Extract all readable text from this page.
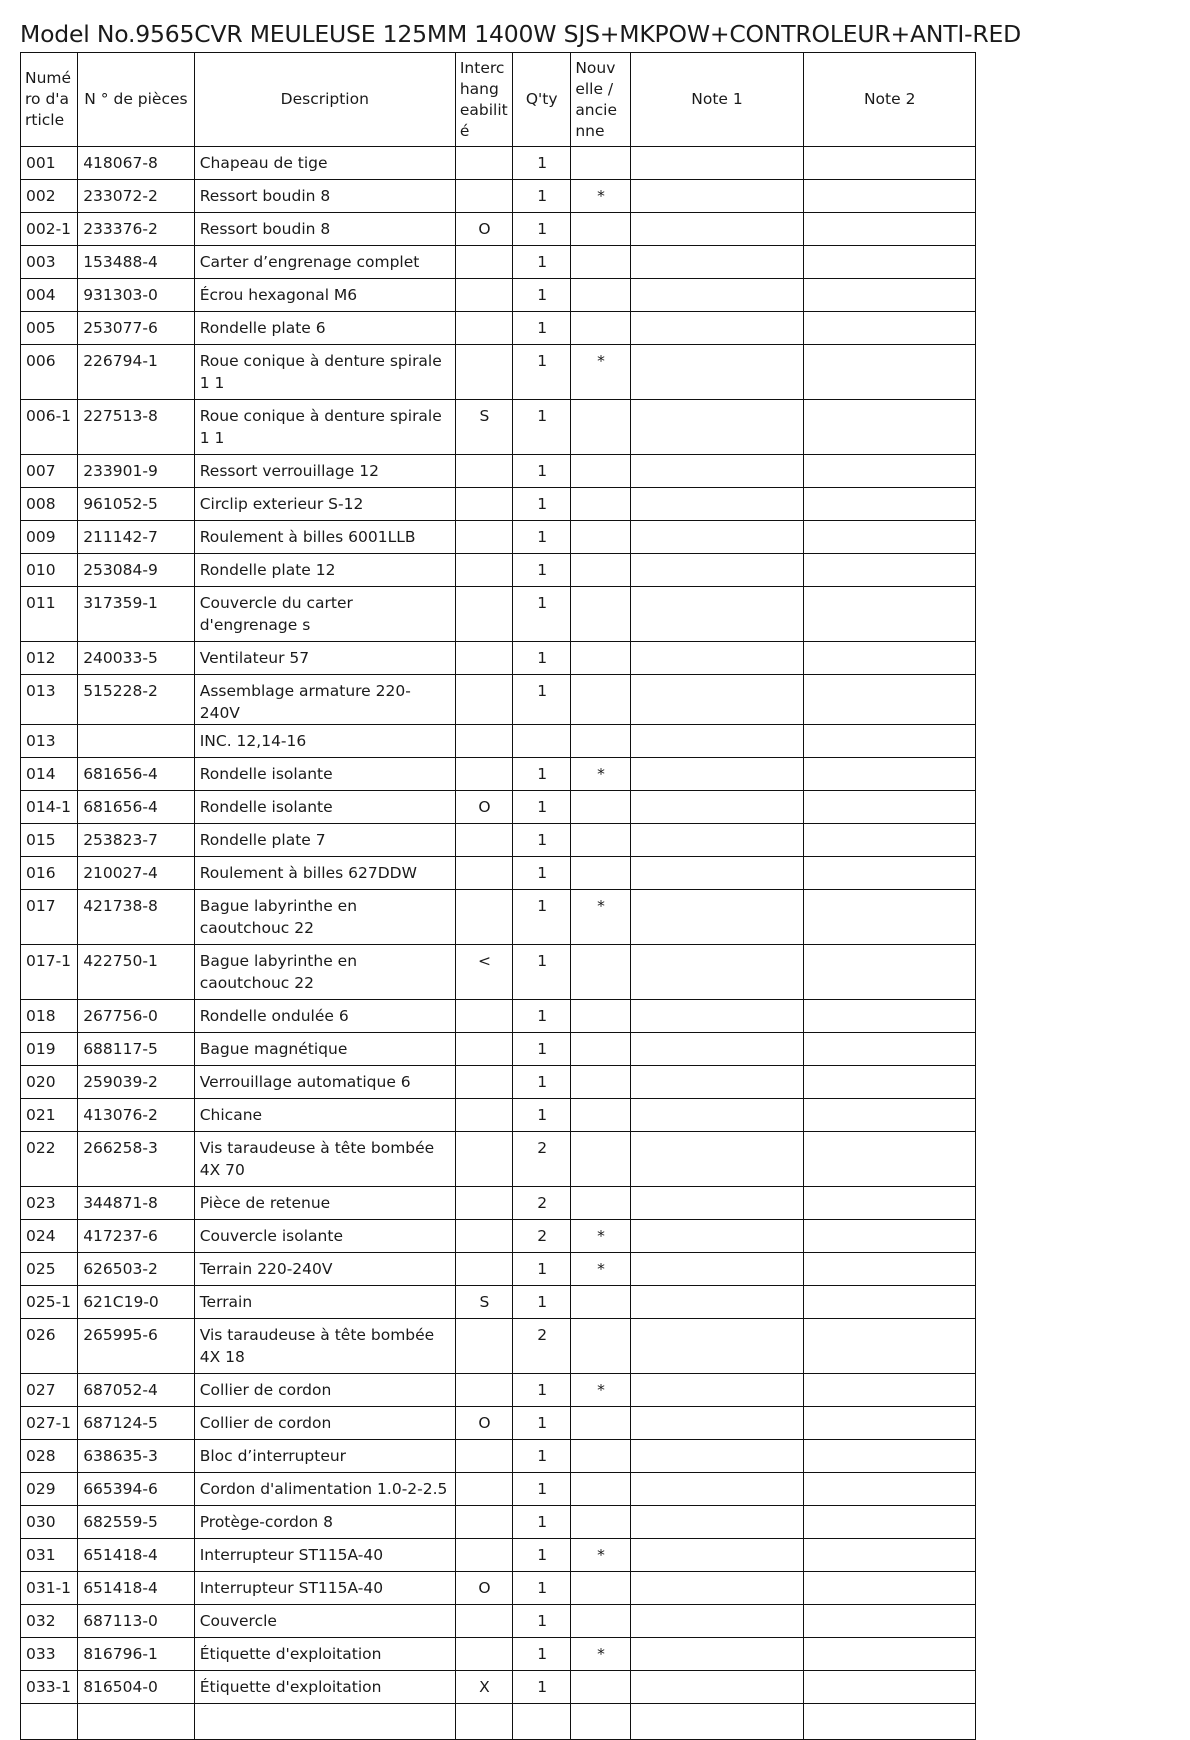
Model No.9565CVR MEULEUSE 125MM 1400W SJS+MKPOW+CONTROLEUR+ANTI-RED
Numé ro d'a rticle	N ° de pièces	Description	Interc hang eabilit é	Q'ty	Nouv elle / ancie nne	Note 1	Note 2
001	418067-8	Chapeau de tige		1			
002	233072-2	Ressort boudin 8		1	*		
002-1	233376-2	Ressort boudin 8	O	1			
003	153488-4	Carter d’engrenage complet		1			
004	931303-0	Écrou hexagonal M6		1			
005	253077-6	Rondelle plate 6		1			
006	226794-1	Roue conique à denture spirale 1 1		1	*		
006-1	227513-8	Roue conique à denture spirale 1 1	S	1			
007	233901-9	Ressort verrouillage 12		1			
008	961052-5	Circlip exterieur S-12		1			
009	211142-7	Roulement à billes 6001LLB		1			
010	253084-9	Rondelle plate 12		1			
011	317359-1	Couvercle du carter d'engrenage s		1			
012	240033-5	Ventilateur 57		1			
013	515228-2	Assemblage armature 220-240V		1			
013		INC. 12,14-16					
014	681656-4	Rondelle isolante		1	*		
014-1	681656-4	Rondelle isolante	O	1			
015	253823-7	Rondelle plate 7		1			
016	210027-4	Roulement à billes 627DDW		1			
017	421738-8	Bague labyrinthe en caoutchouc 22		1	*		
017-1	422750-1	Bague labyrinthe en caoutchouc 22	<	1			
018	267756-0	Rondelle ondulée 6		1			
019	688117-5	Bague magnétique		1			
020	259039-2	Verrouillage automatique 6		1			
021	413076-2	Chicane		1			
022	266258-3	Vis taraudeuse à tête bombée 4X 70		2			
023	344871-8	Pièce de retenue		2			
024	417237-6	Couvercle isolante		2	*		
025	626503-2	Terrain 220-240V		1	*		
025-1	621C19-0	Terrain	S	1			
026	265995-6	Vis taraudeuse à tête bombée 4X 18		2			
027	687052-4	Collier de cordon		1	*		
027-1	687124-5	Collier de cordon	O	1			
028	638635-3	Bloc d’interrupteur		1			
029	665394-6	Cordon d'alimentation 1.0-2-2.5		1			
030	682559-5	Protège-cordon 8		1			
031	651418-4	Interrupteur ST115A-40		1	*		
031-1	651418-4	Interrupteur ST115A-40	O	1			
032	687113-0	Couvercle		1			
033	816796-1	Étiquette d'exploitation		1	*		
033-1	816504-0	Étiquette d'exploitation	X	1			
